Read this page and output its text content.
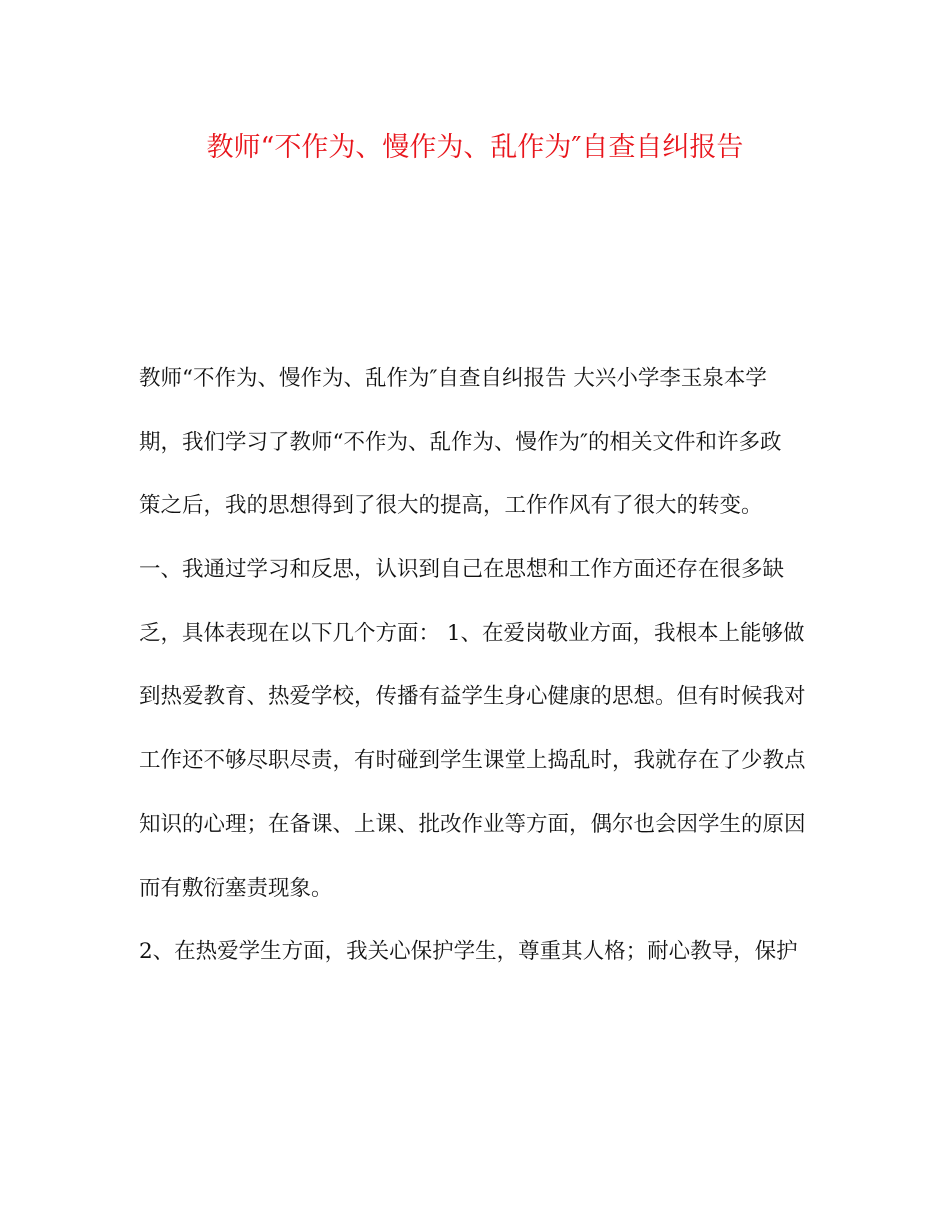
教师“不作为、慢作为、乱作为″自查自纠报告
教师“不作为、慢作为、乱作为″自查自纠报告 大兴小学李玉泉本学
期，我们学习了教师“不作为、乱作为、慢作为″的相关文件和许多政
策之后，我的思想得到了很大的提高，工作作风有了很大的转变。
一、我通过学习和反思，认识到自己在思想和工作方面还存在很多缺
乏，具体表现在以下几个方面： 1、在爱岗敬业方面，我根本上能够做
到热爱教育、热爱学校，传播有益学生身心健康的思想。但有时候我对
工作还不够尽职尽责，有时碰到学生课堂上捣乱时，我就存在了少教点
知识的心理；在备课、上课、批改作业等方面，偶尔也会因学生的原因
而有敷衍塞责现象。
2、在热爱学生方面，我关心保护学生，尊重其人格；耐心教导，保护
